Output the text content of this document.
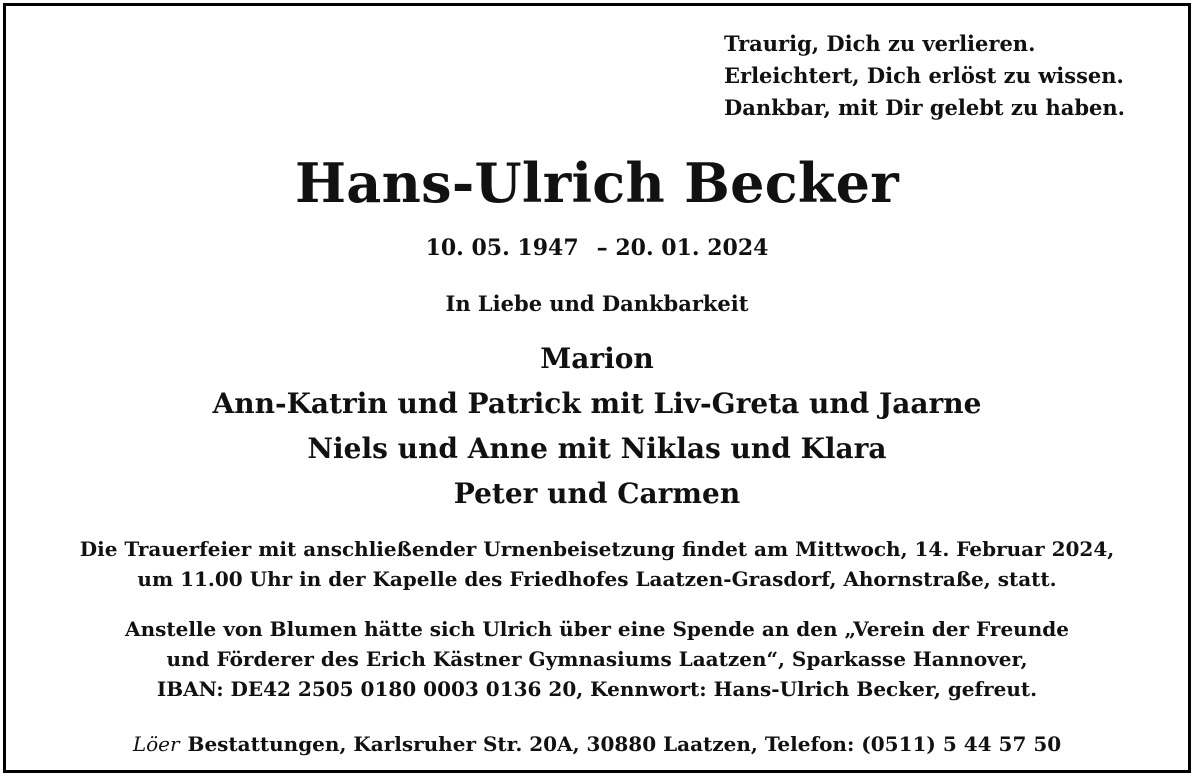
Traurig, Dich zu verlieren.
Erleichtert, Dich erlöst zu wissen.
Dankbar, mit Dir gelebt zu haben.
Hans-Ulrich Becker
10. 05. 1947 – 20. 01. 2024
In Liebe und Dankbarkeit
Marion
Ann-Katrin und Patrick mit Liv-Greta und Jaarne
Niels und Anne mit Niklas und Klara
Peter und Carmen
Die Trauerfeier mit anschließender Urnenbeisetzung findet am Mittwoch, 14. Februar 2024,
um 11.00 Uhr in der Kapelle des Friedhofes Laatzen-Grasdorf, Ahornstraße, statt.
Anstelle von Blumen hätte sich Ulrich über eine Spende an den „Verein der Freunde
und Förderer des Erich Kästner Gymnasiums Laatzen“, Sparkasse Hannover,
IBAN: DE42 2505 0180 0003 0136 20, Kennwort: Hans-Ulrich Becker, gefreut.
Löer Bestattungen, Karlsruher Str. 20A, 30880 Laatzen, Telefon: (0511) 5 44 57 50
